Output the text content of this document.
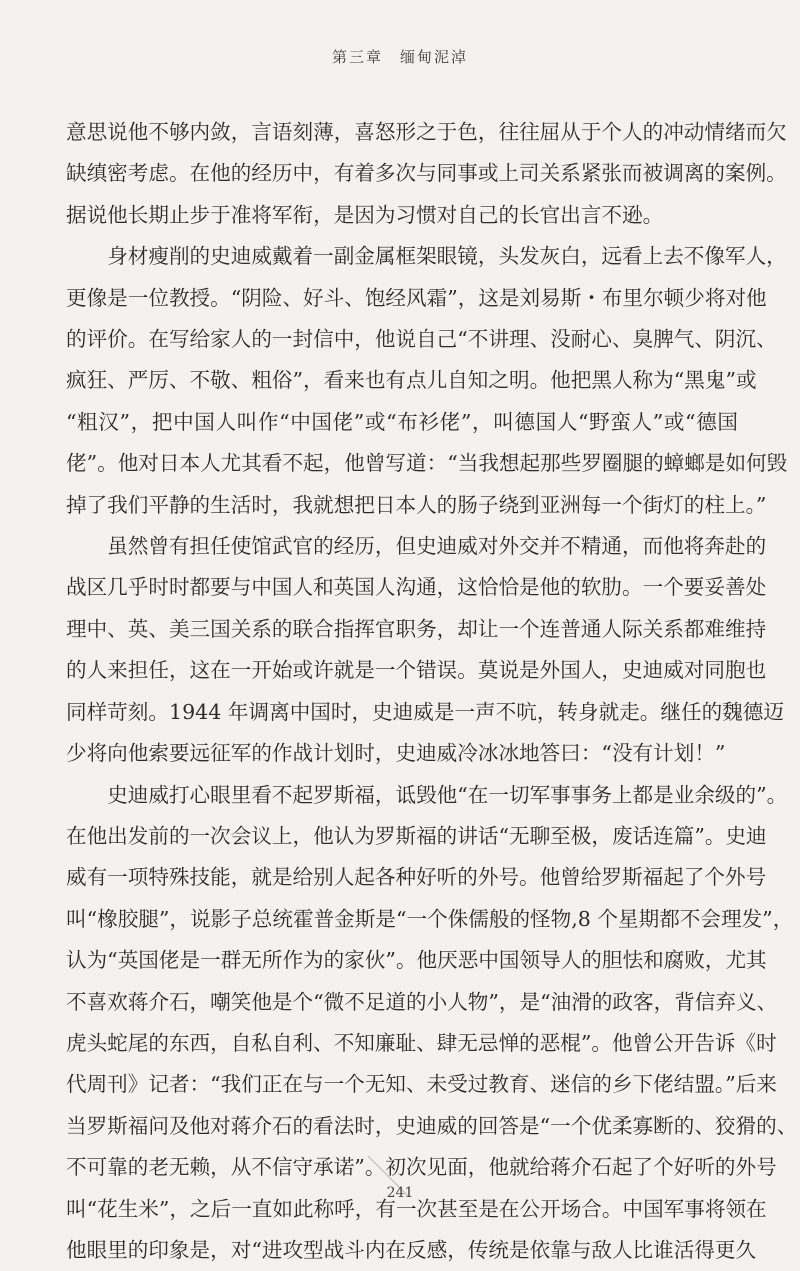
第三章　缅甸泥淖

意思说他不够内敛，言语刻薄，喜怒形之于色，往往屈从于个人的冲动情绪而欠
缺缜密考虑。在他的经历中，有着多次与同事或上司关系紧张而被调离的案例。
据说他长期止步于准将军衔，是因为习惯对自己的长官出言不逊。

身材瘦削的史迪威戴着一副金属框架眼镜，头发灰白，远看上去不像军人，
更像是一位教授。“阴险、好斗、饱经风霜”，这是刘易斯・布里尔顿少将对他
的评价。在写给家人的一封信中，他说自己“不讲理、没耐心、臭脾气、阴沉、
疯狂、严厉、不敬、粗俗”，看来也有点儿自知之明。他把黑人称为“黑鬼”或
“粗汉”，把中国人叫作“中国佬”或“布衫佬”，叫德国人“野蛮人”或“德国
佬”。他对日本人尤其看不起，他曾写道：“当我想起那些罗圈腿的蟑螂是如何毁
掉了我们平静的生活时，我就想把日本人的肠子绕到亚洲每一个街灯的柱上。”

虽然曾有担任使馆武官的经历，但史迪威对外交并不精通，而他将奔赴的
战区几乎时时都要与中国人和英国人沟通，这恰恰是他的软肋。一个要妥善处
理中、英、美三国关系的联合指挥官职务，却让一个连普通人际关系都难维持
的人来担任，这在一开始或许就是一个错误。莫说是外国人，史迪威对同胞也
同样苛刻。1944 年调离中国时，史迪威是一声不吭，转身就走。继任的魏德迈
少将向他索要远征军的作战计划时，史迪威冷冰冰地答曰：“没有计划！”

史迪威打心眼里看不起罗斯福，诋毁他“在一切军事事务上都是业余级的”。
在他出发前的一次会议上，他认为罗斯福的讲话“无聊至极，废话连篇”。史迪
威有一项特殊技能，就是给别人起各种好听的外号。他曾给罗斯福起了个外号
叫“橡胶腿”，说影子总统霍普金斯是“一个侏儒般的怪物,8 个星期都不会理发”，
认为“英国佬是一群无所作为的家伙”。他厌恶中国领导人的胆怯和腐败，尤其
不喜欢蒋介石，嘲笑他是个“微不足道的小人物”，是“油滑的政客，背信弃义、
虎头蛇尾的东西，自私自利、不知廉耻、肆无忌惮的恶棍”。他曾公开告诉《时
代周刊》记者：“我们正在与一个无知、未受过教育、迷信的乡下佬结盟。”后来
当罗斯福问及他对蒋介石的看法时，史迪威的回答是“一个优柔寡断的、狡猾的、
不可靠的老无赖，从不信守承诺”。初次见面，他就给蒋介石起了个好听的外号
叫“花生米”，之后一直如此称呼，有一次甚至是在公开场合。中国军事将领在
他眼里的印象是，对“进攻型战斗内在反感，传统是依靠与敌人比谁活得更久

241
